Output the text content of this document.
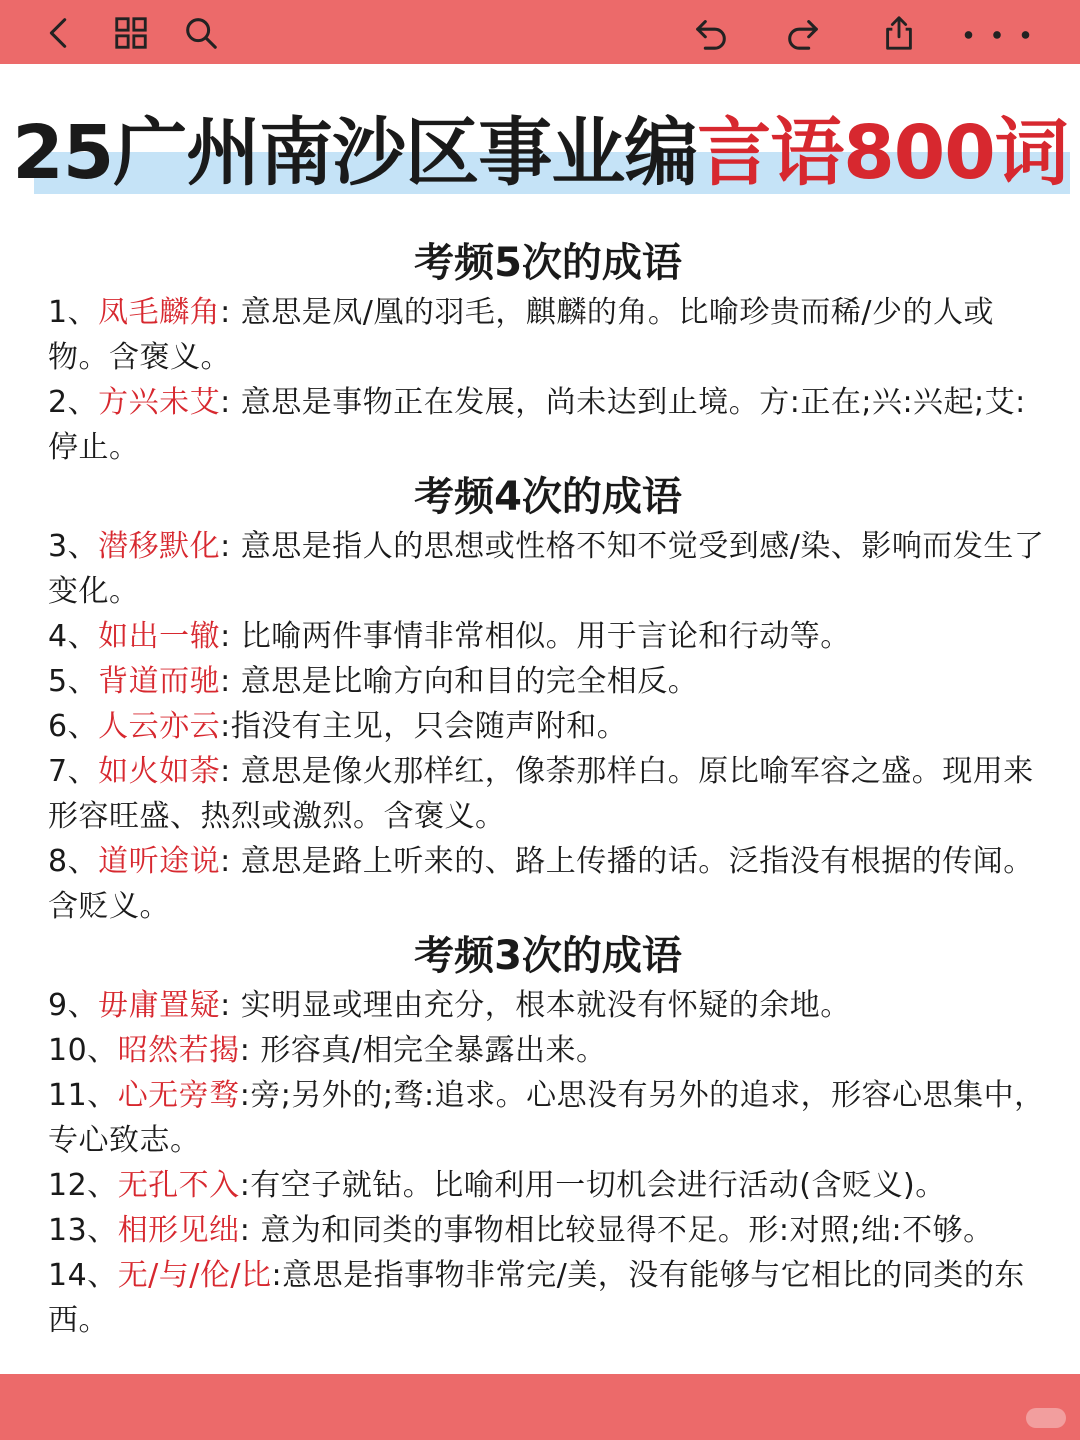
25广州南沙区事业编言语800词
考频5次的成语
1、凤毛麟角: 意思是凤/凰的羽毛，麒麟的角。比喻珍贵而稀/少的人或物。含褒义。
2、方兴未艾: 意思是事物正在发展，尚未达到止境。方:正在;兴:兴起;艾:停止。
考频4次的成语
3、潜移默化: 意思是指人的思想或性格不知不觉受到感/染、影响而发生了变化。
4、如出一辙: 比喻两件事情非常相似。用于言论和行动等。
5、背道而驰: 意思是比喻方向和目的完全相反。
6、人云亦云:指没有主见，只会随声附和。
7、如火如荼: 意思是像火那样红，像荼那样白。原比喻军容之盛。现用来形容旺盛、热烈或激烈。含褒义。
8、道听途说: 意思是路上听来的、路上传播的话。泛指没有根据的传闻。含贬义。
考频3次的成语
9、毋庸置疑: 实明显或理由充分，根本就没有怀疑的余地。
10、昭然若揭: 形容真/相完全暴露出来。
11、心无旁骛:旁;另外的;骛:追求。心思没有另外的追求，形容心思集中，专心致志。
12、无孔不入:有空子就钻。比喻利用一切机会进行活动(含贬义)。
13、相形见绌: 意为和同类的事物相比较显得不足。形:对照;绌:不够。
14、无/与/伦/比:意思是指事物非常完/美，没有能够与它相比的同类的东西。
